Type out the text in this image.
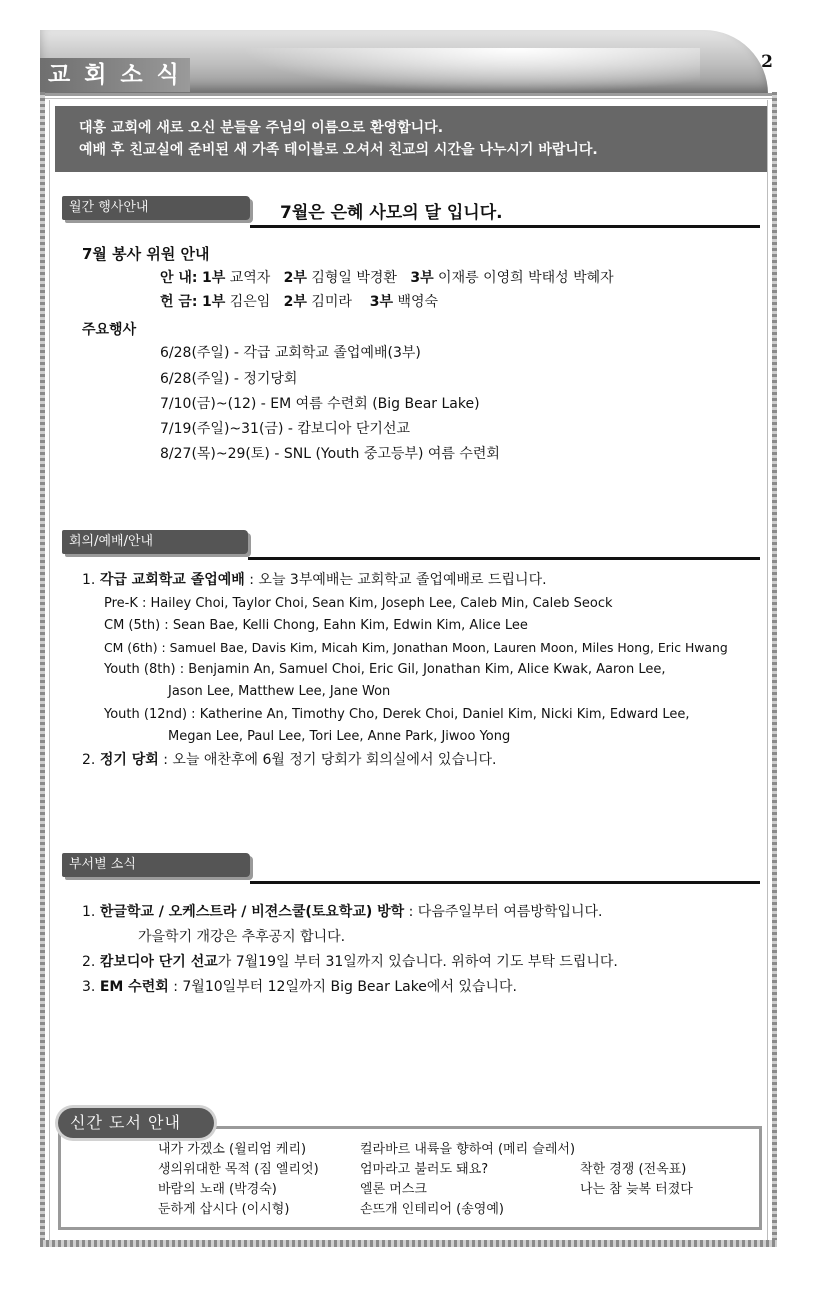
교회소식	2
대흥 교회에 새로 오신 분들을 주님의 이름으로 환영합니다.
예배 후 친교실에 준비된 새 가족 테이블로 오셔서 친교의 시간을 나누시기 바랍니다.
월간 행사안내	7월은 은혜 사모의 달 입니다.
7월 봉사 위원 안내
안 내: 1부 교역자 2부 김형일 박경환 3부 이재릉 이영희 박태성 박혜자
헌 금: 1부 김은임 2부 김미라 3부 백영숙
주요행사
6/28(주일) - 각급 교회학교 졸업예배(3부)
6/28(주일) - 정기당회
7/10(금)~(12) - EM 여름 수련회 (Big Bear Lake)
7/19(주일)~31(금) - 캄보디아 단기선교
8/27(목)~29(토) - SNL (Youth 중고등부) 여름 수련회
회의/예배/안내
1. 각급 교회학교 졸업예배 : 오늘 3부예배는 교회학교 졸업예배로 드립니다.
Pre-K : Hailey Choi, Taylor Choi, Sean Kim, Joseph Lee, Caleb Min, Caleb Seock
CM (5th) : Sean Bae, Kelli Chong, Eahn Kim, Edwin Kim, Alice Lee
CM (6th) : Samuel Bae, Davis Kim, Micah Kim, Jonathan Moon, Lauren Moon, Miles Hong, Eric Hwang
Youth (8th) : Benjamin An, Samuel Choi, Eric Gil, Jonathan Kim, Alice Kwak, Aaron Lee,
Jason Lee, Matthew Lee, Jane Won
Youth (12nd) : Katherine An, Timothy Cho, Derek Choi, Daniel Kim, Nicki Kim, Edward Lee,
Megan Lee, Paul Lee, Tori Lee, Anne Park, Jiwoo Yong
2. 정기 당회 : 오늘 애찬후에 6월 정기 당회가 회의실에서 있습니다.
부서별 소식
1. 한글학교 / 오케스트라 / 비젼스쿨(토요학교) 방학 : 다음주일부터 여름방학입니다.
가을학기 개강은 추후공지 합니다.
2. 캄보디아 단기 선교가 7월19일 부터 31일까지 있습니다. 위하여 기도 부탁 드립니다.
3. EM 수련회 : 7월10일부터 12일까지 Big Bear Lake에서 있습니다.
신간 도서 안내
내가 가겠소 (윌리엄 케리)
생의위대한 목적 (짐 엘리엇)
바람의 노래 (박경숙)
둔하게 삽시다 (이시형)
컬라바르 내륙을 향하여 (메리 슬레서)
엄마라고 불러도 돼요?
엘론 머스크
손뜨개 인테리어 (송영예)
착한 경쟁 (전옥표)
나는 참 늦복 터졌다
